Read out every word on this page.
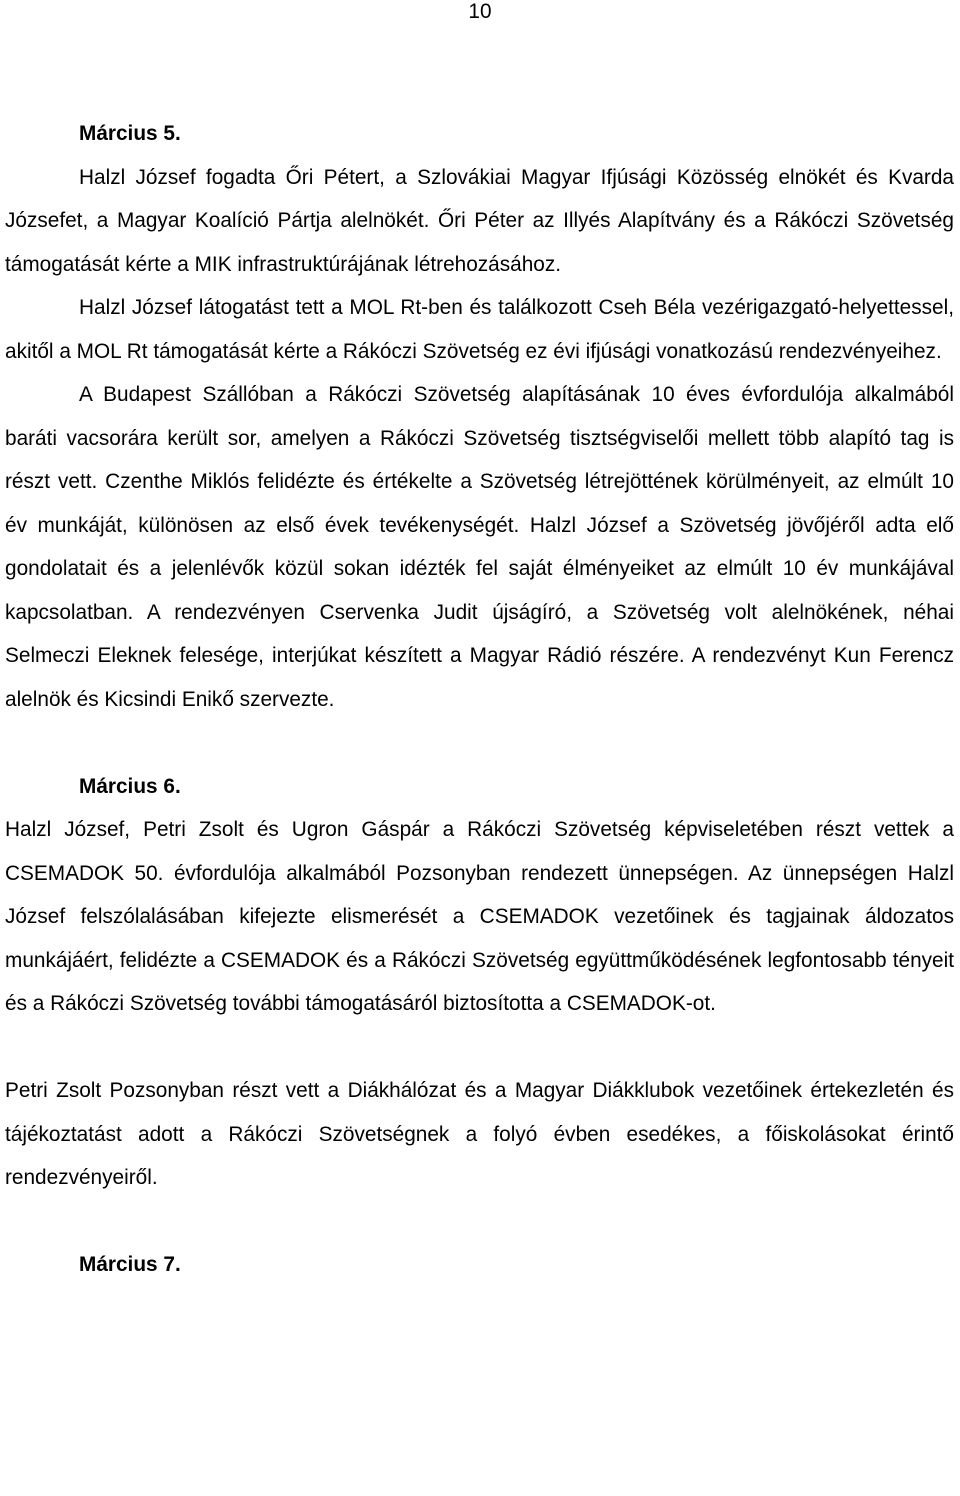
10

Március 5.

Halzl József fogadta Őri Pétert, a Szlovákiai Magyar Ifjúsági Közösség elnökét és Kvarda Józsefet, a Magyar Koalíció Pártja alelnökét. Őri Péter az Illyés Alapítvány és a Rákóczi Szövetség támogatását kérte a MIK infrastruktúrájának létrehozásához.

Halzl József látogatást tett a MOL Rt-ben és találkozott Cseh Béla vezérigazgató-helyettessel, akitől a MOL Rt támogatását kérte a Rákóczi Szövetség ez évi ifjúsági vonatkozású rendezvényeihez.

A Budapest Szállóban a Rákóczi Szövetség alapításának 10 éves évfordulója alkalmából baráti vacsorára került sor, amelyen a Rákóczi Szövetség tisztségviselői mellett több alapító tag is részt vett. Czenthe Miklós felidézte és értékelte a Szövetség létrejöttének körülményeit, az elmúlt 10 év munkáját, különösen az első évek tevékenységét. Halzl József a Szövetség jövőjéről adta elő gondolatait és a jelenlévők közül sokan idézték fel saját élményeiket az elmúlt 10 év munkájával kapcsolatban. A rendezvényen Cservenka Judit újságíró, a Szövetség volt alelnökének, néhai Selmeczi Eleknek felesége, interjúkat készített a Magyar Rádió részére. A rendezvényt Kun Ferencz alelnök és Kicsindi Enikő szervezte.

Március 6.

Halzl József, Petri Zsolt és Ugron Gáspár a Rákóczi Szövetség képviseletében részt vettek a CSEMADOK 50. évfordulója alkalmából Pozsonyban rendezett ünnepségen. Az ünnepségen Halzl József felszólalásában kifejezte elismerését a CSEMADOK vezetőinek és tagjainak áldozatos munkájáért, felidézte a CSEMADOK és a Rákóczi Szövetség együttműködésének legfontosabb tényeit és a Rákóczi Szövetség további támogatásáról biztosította a CSEMADOK-ot.

Petri Zsolt Pozsonyban részt vett a Diákhálózat és a Magyar Diákklubok vezetőinek értekezletén és tájékoztatást adott a Rákóczi Szövetségnek a folyó évben esedékes, a főiskolásokat érintő rendezvényeiről.

Március 7.
